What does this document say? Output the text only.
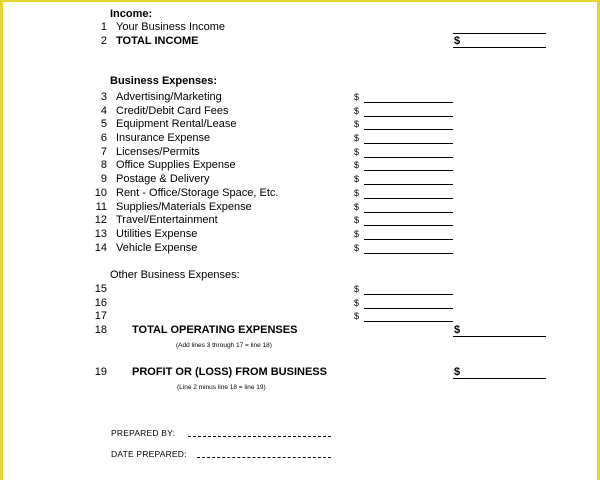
Income:
1 Your Business Income
2 TOTAL INCOME	$
Business Expenses:
3 Advertising/Marketing	$
4 Credit/Debit Card Fees	$
5 Equipment Rental/Lease	$
6 Insurance Expense	$
7 Licenses/Permits	$
8 Office Supplies Expense	$
9 Postage & Delivery	$
10 Rent - Office/Storage Space, Etc.	$
11 Supplies/Materials Expense	$
12 Travel/Entertainment	$
13 Utilities Expense	$
14 Vehicle Expense	$
Other Business Expenses:
15	$
16	$
17	$
18 TOTAL OPERATING EXPENSES	$
(Add lines 3 through 17 = line 18)
19 PROFIT OR (LOSS) FROM BUSINESS	$
(Line 2 minus line 18 = line 19)
PREPARED BY:
DATE PREPARED:
